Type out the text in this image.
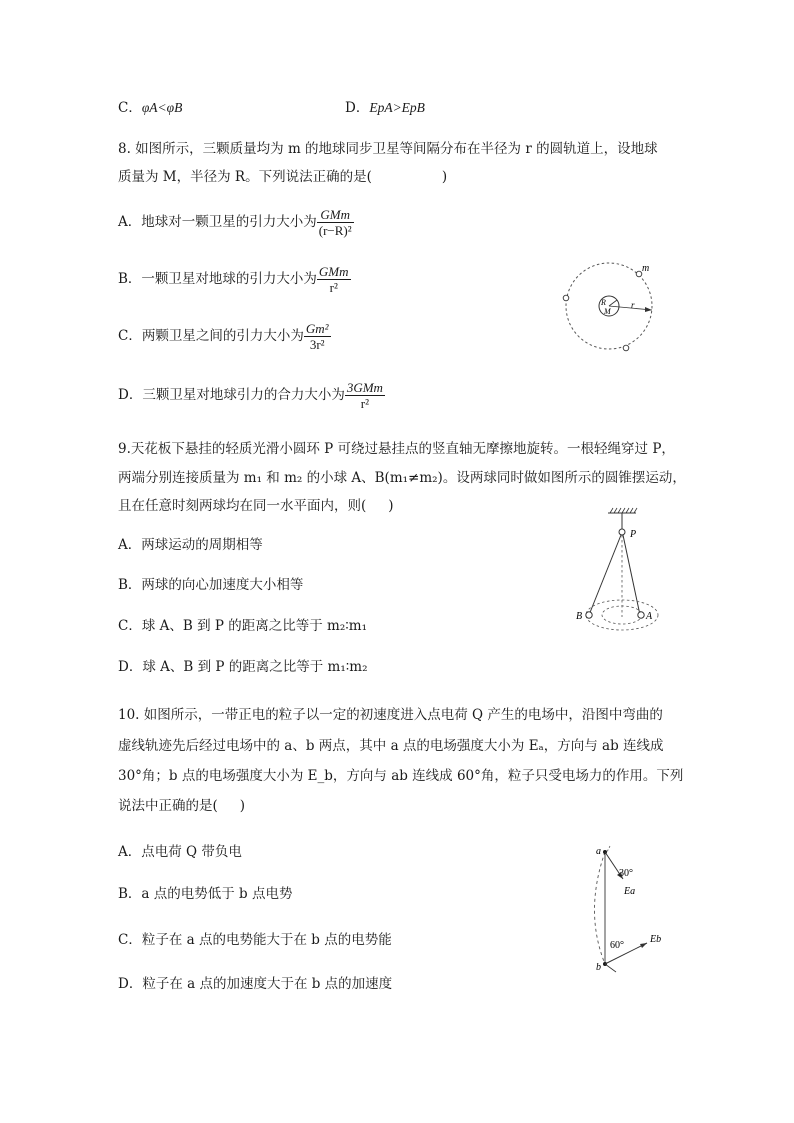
C．φA<φB	D．EpA>EpB
8. 如图所示，三颗质量均为 m 的地球同步卫星等间隔分布在半径为 r 的圆轨道上，设地球
质量为 M，半径为 R。下列说法正确的是(	)
A．地球对一颗卫星的引力大小为 $\frac{\text{GMm}}{\text{(r−R)²}}$
B．一颗卫星对地球的引力大小为 $\frac{\text{GMm}}{\text{r²}}$
C．两颗卫星之间的引力大小为 $\frac{\text{Gm²}}{\text{3r²}}$
D．三颗卫星对地球引力的合力大小为 $\frac{\text{3GMm}}{\text{r²}}$
m
R
M
r
9.天花板下悬挂的轻质光滑小圆环 P 可绕过悬挂点的竖直轴无摩擦地旋转。一根轻绳穿过 P，
两端分别连接质量为 m₁ 和 m₂ 的小球 A、B(m₁≠m₂)。设两球同时做如图所示的圆锥摆运动，
且在任意时刻两球均在同一水平面内，则( )
A．两球运动的周期相等
B．两球的向心加速度大小相等
C．球 A、B 到 P 的距离之比等于 m₂∶m₁
D．球 A、B 到 P 的距离之比等于 m₁∶m₂
P
A
B
10. 如图所示，一带正电的粒子以一定的初速度进入点电荷 Q 产生的电场中，沿图中弯曲的
虚线轨迹先后经过电场中的 a、b 两点，其中 a 点的电场强度大小为 Eₐ，方向与 ab 连线成
30°角；b 点的电场强度大小为 E_b，方向与 ab 连线成 60°角，粒子只受电场力的作用。下列
说法中正确的是( )
A．点电荷 Q 带负电
B．a 点的电势低于 b 点电势
C．粒子在 a 点的电势能大于在 b 点的电势能
D．粒子在 a 点的加速度大于在 b 点的加速度
a
b
30°
60°
Ea
Eb
